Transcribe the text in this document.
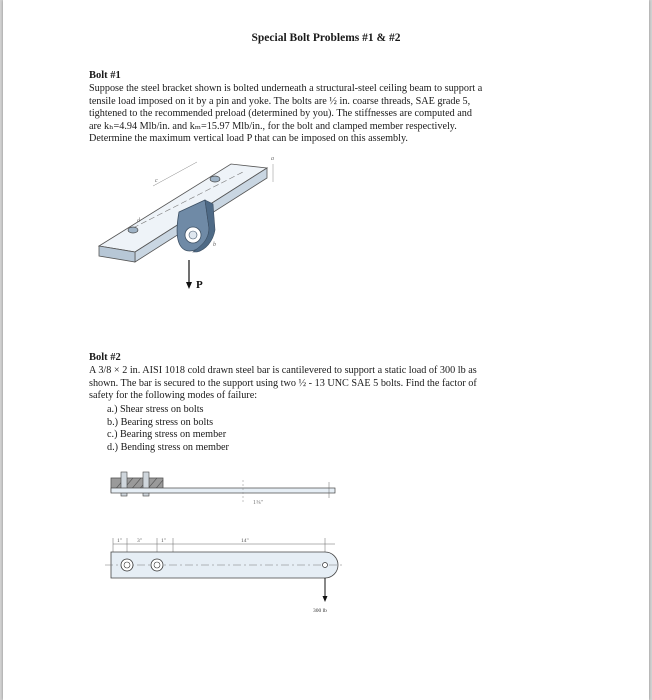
Special Bolt Problems #1 & #2
Bolt #1
Suppose the steel bracket shown is bolted underneath a structural-steel ceiling beam to support a
tensile load imposed on it by a pin and yoke. The bolts are ½ in. coarse threads, SAE grade 5,
tightened to the recommended preload (determined by you). The stiffnesses are computed and
are kₕ=4.94 Mlb/in. and kₘ=15.97 Mlb/in., for the bolt and clamped member respectively.
Determine the maximum vertical load P that can be imposed on this assembly.
c
d
a
b
P
Bolt #2
A 3/8 × 2 in. AISI 1018 cold drawn steel bar is cantilevered to support a static load of 300 lb as
shown. The bar is secured to the support using two ½ - 13 UNC SAE 5 bolts. Find the factor of
safety for the following modes of failure:
a.) Shear stress on bolts
b.) Bearing stress on bolts
c.) Bearing stress on member
d.) Bending stress on member
1⅜"
1"	3"	1"	14"
300 lb
